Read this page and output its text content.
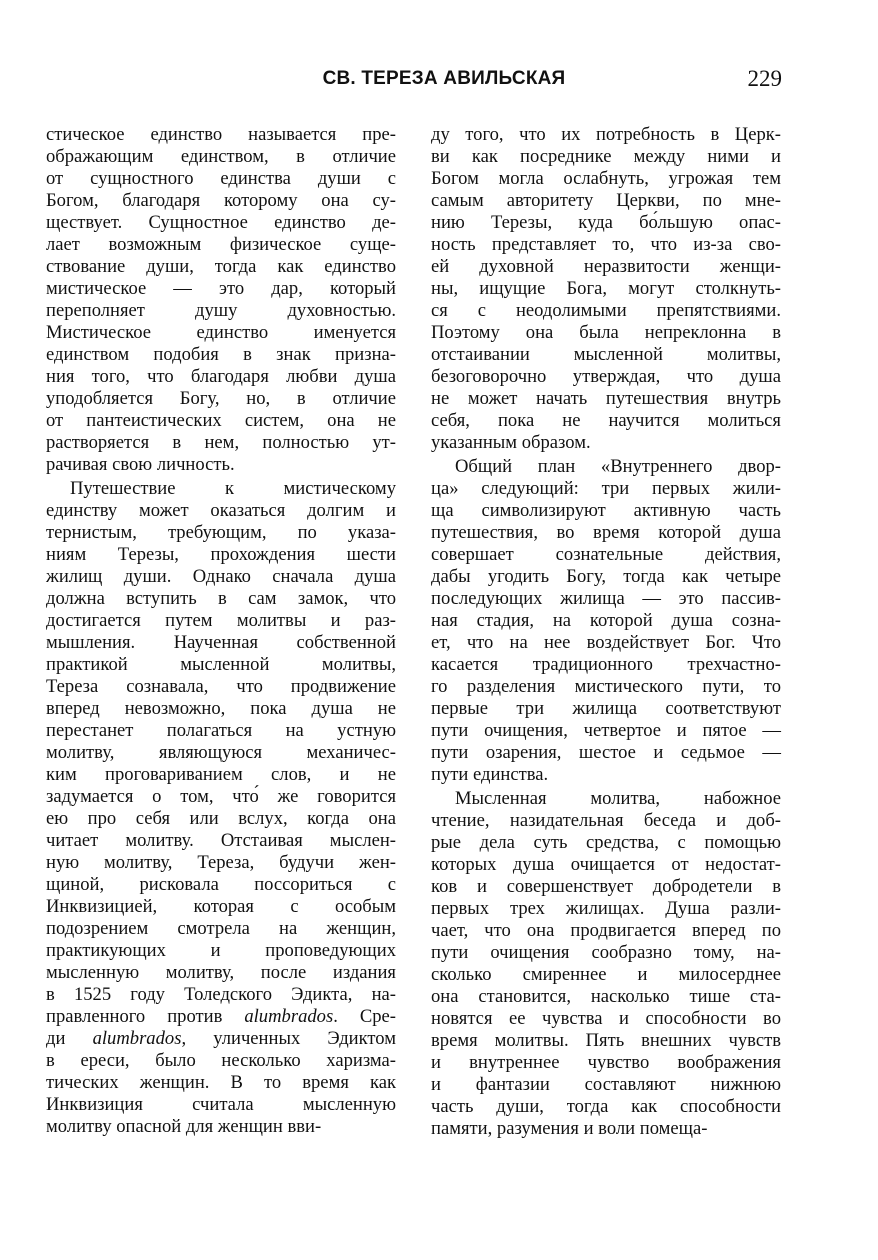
СВ. ТЕРЕЗА АВИЛЬСКАЯ	229

стическое единство называется пре-
ображающим единством, в отличие
от сущностного единства души с
Богом, благодаря которому она су-
ществует. Сущностное единство де-
лает возможным физическое суще-
ствование души, тогда как единство
мистическое — это дар, который
переполняет душу духовностью.
Мистическое единство именуется
единством подобия в знак призна-
ния того, что благодаря любви душа
уподобляется Богу, но, в отличие
от пантеистических систем, она не
растворяется в нем, полностью ут-
рачивая свою личность.

Путешествие к мистическому
единству может оказаться долгим и
тернистым, требующим, по указа-
ниям Терезы, прохождения шести
жилищ души. Однако сначала душа
должна вступить в сам замок, что
достигается путем молитвы и раз-
мышления. Наученная собственной
практикой мысленной молитвы,
Тереза сознавала, что продвижение
вперед невозможно, пока душа не
перестанет полагаться на устную
молитву, являющуюся механичес-
ким проговариванием слов, и не
задумается о том, что́ же говорится
ею про себя или вслух, когда она
читает молитву. Отстаивая мыслен-
ную молитву, Тереза, будучи жен-
щиной, рисковала поссориться с
Инквизицией, которая с особым
подозрением смотрела на женщин,
практикующих и проповедующих
мысленную молитву, после издания
в 1525 году Толедского Эдикта, на-
правленного против alumbrados. Сре-
ди alumbrados, уличенных Эдиктом
в ереси, было несколько харизма-
тических женщин. В то время как
Инквизиция считала мысленную
молитву опасной для женщин вви-

ду того, что их потребность в Церк-
ви как посреднике между ними и
Богом могла ослабнуть, угрожая тем
самым авторитету Церкви, по мне-
нию Терезы, куда бо́льшую опас-
ность представляет то, что из-за сво-
ей духовной неразвитости женщи-
ны, ищущие Бога, могут столкнуть-
ся с неодолимыми препятствиями.
Поэтому она была непреклонна в
отстаивании мысленной молитвы,
безоговорочно утверждая, что душа
не может начать путешествия внутрь
себя, пока не научится молиться
указанным образом.

Общий план «Внутреннего двор-
ца» следующий: три первых жили-
ща символизируют активную часть
путешествия, во время которой душа
совершает сознательные действия,
дабы угодить Богу, тогда как четыре
последующих жилища — это пассив-
ная стадия, на которой душа созна-
ет, что на нее воздействует Бог. Что
касается традиционного трехчастно-
го разделения мистического пути, то
первые три жилища соответствуют
пути очищения, четвертое и пятое —
пути озарения, шестое и седьмое —
пути единства.

Мысленная молитва, набожное
чтение, назидательная беседа и доб-
рые дела суть средства, с помощью
которых душа очищается от недостат-
ков и совершенствует добродетели в
первых трех жилищах. Душа разли-
чает, что она продвигается вперед по
пути очищения сообразно тому, на-
сколько смиреннее и милосерднее
она становится, насколько тише ста-
новятся ее чувства и способности во
время молитвы. Пять внешних чувств
и внутреннее чувство воображения
и фантазии составляют нижнюю
часть души, тогда как способности
памяти, разумения и воли помеща-
